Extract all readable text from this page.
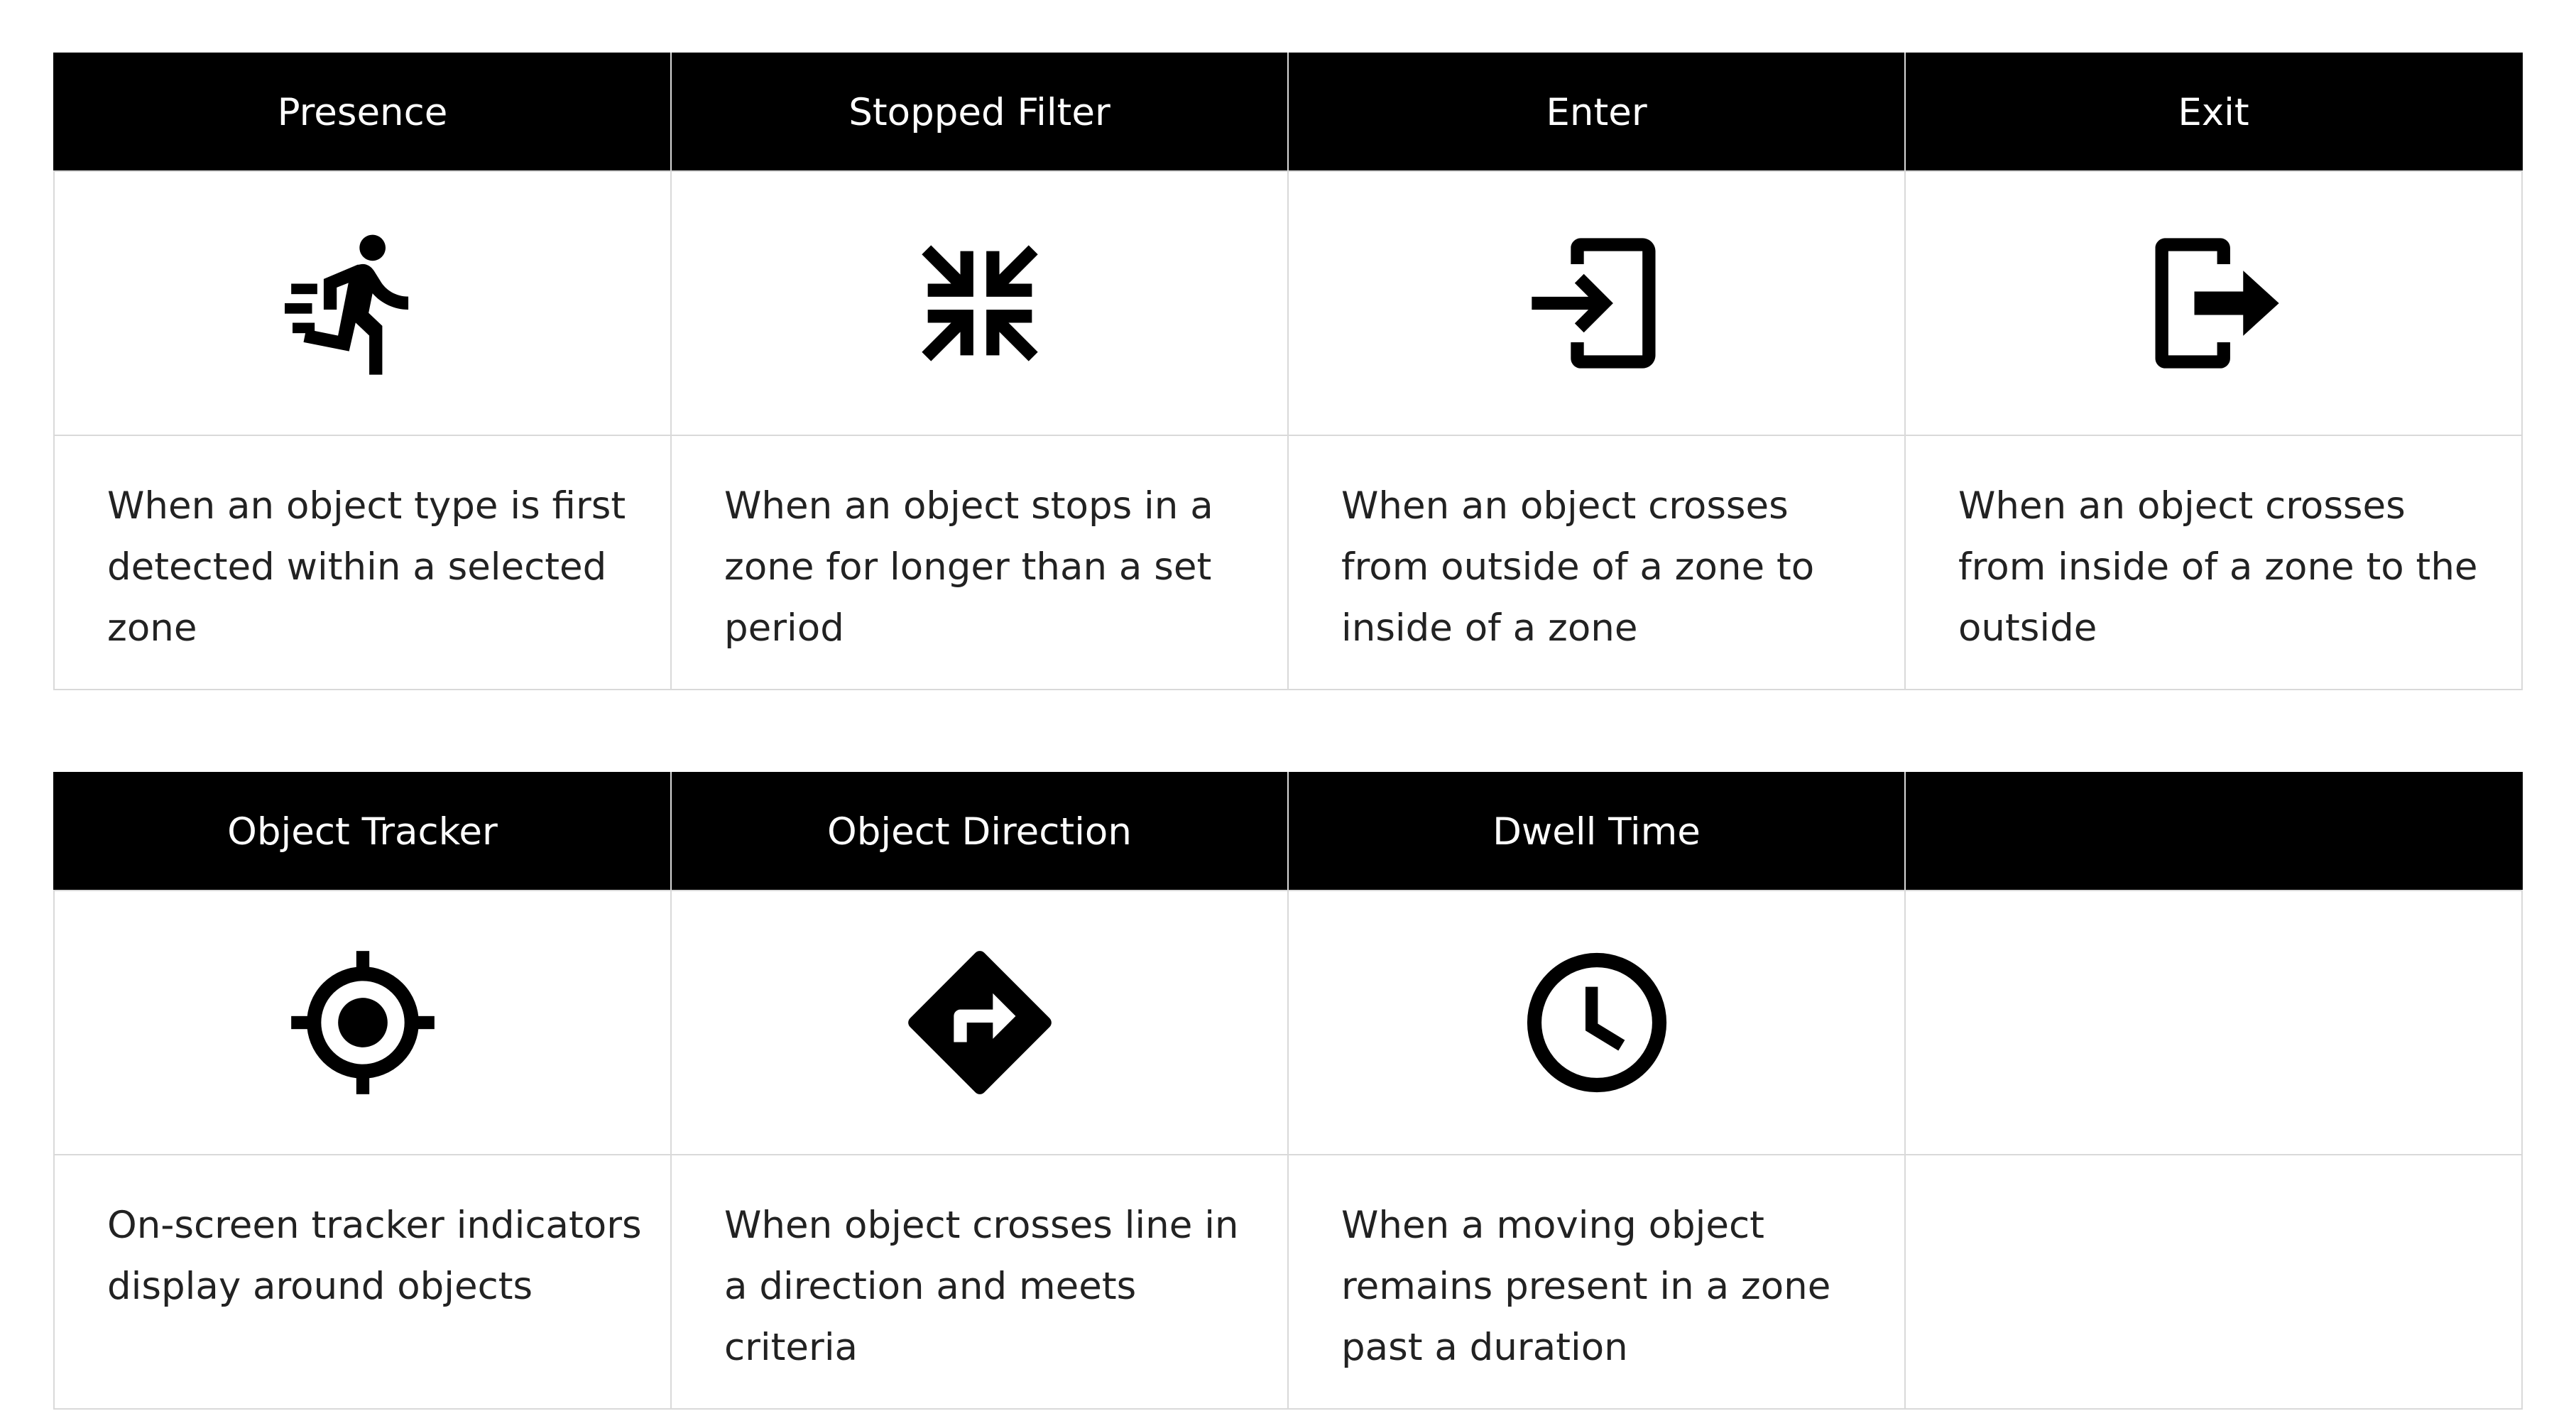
Presence	Stopped Filter	Enter	Exit

When an object type is first detected within a selected zone	When an object stops in a zone for longer than a set period	When an object crosses from outside of a zone to inside of a zone	When an object crosses from inside of a zone to the outside
Object Tracker	Object Direction	Dwell Time	

On-screen tracker indicators display around objects	When object crosses line in a direction and meets criteria	When a moving object remains present in a zone past a duration	
